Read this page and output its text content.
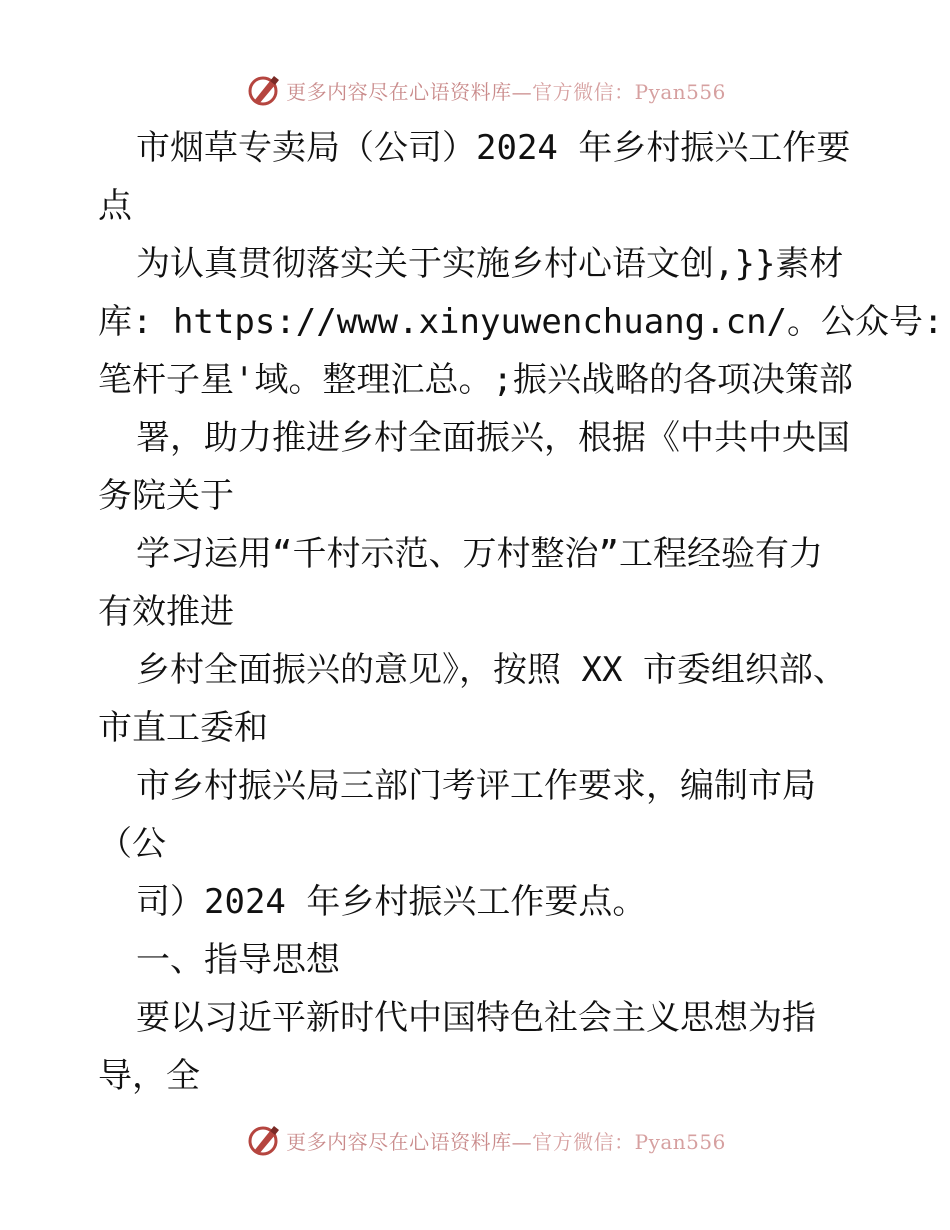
更多内容尽在心语资料库—官方微信：Pyan556
市烟草专卖局（公司）2024 年乡村振兴工作要
点
为认真贯彻落实关于实施乡村心语文创,}}素材
库: https://www.xinyuwenchuang.cn/。公众号:
笔杆子星'域。整理汇总。;振兴战略的各项决策部
署，助力推进乡村全面振兴，根据《中共中央国
务院关于
学习运用“千村示范、万村整治”工程经验有力
有效推进
乡村全面振兴的意见》，按照 XX 市委组织部、
市直工委和
市乡村振兴局三部门考评工作要求，编制市局
（公
司）2024 年乡村振兴工作要点。
一、指导思想
要以习近平新时代中国特色社会主义思想为指
导，全
更多内容尽在心语资料库—官方微信：Pyan556
